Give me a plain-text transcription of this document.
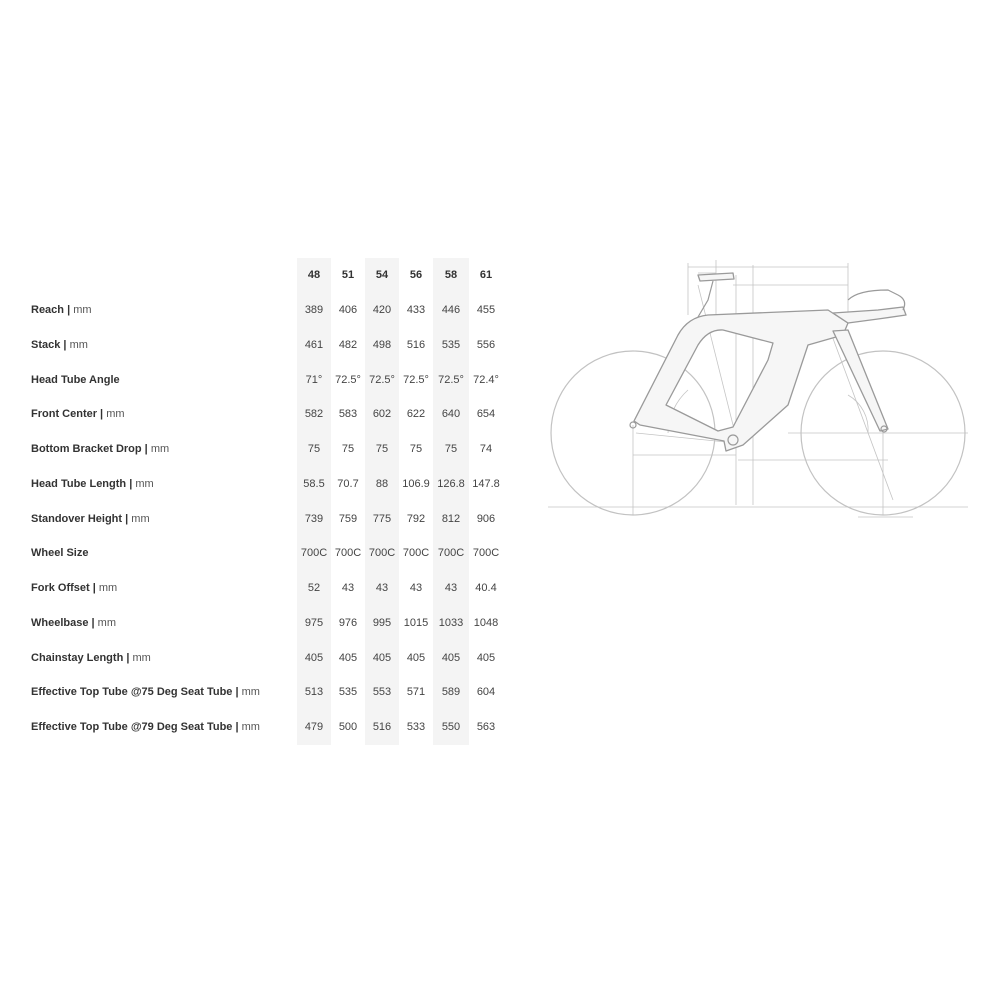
	48	51	54	56	58	61
Reach | mm	389	406	420	433	446	455
Stack | mm	461	482	498	516	535	556
Head Tube Angle	71°	72.5°	72.5°	72.5°	72.5°	72.4°
Front Center | mm	582	583	602	622	640	654
Bottom Bracket Drop | mm	75	75	75	75	75	74
Head Tube Length | mm	58.5	70.7	88	106.9	126.8	147.8
Standover Height | mm	739	759	775	792	812	906
Wheel Size	700C	700C	700C	700C	700C	700C
Fork Offset | mm	52	43	43	43	43	40.4
Wheelbase | mm	975	976	995	1015	1033	1048
Chainstay Length | mm	405	405	405	405	405	405
Effective Top Tube @75 Deg Seat Tube | mm	513	535	553	571	589	604
Effective Top Tube @79 Deg Seat Tube | mm	479	500	516	533	550	563
